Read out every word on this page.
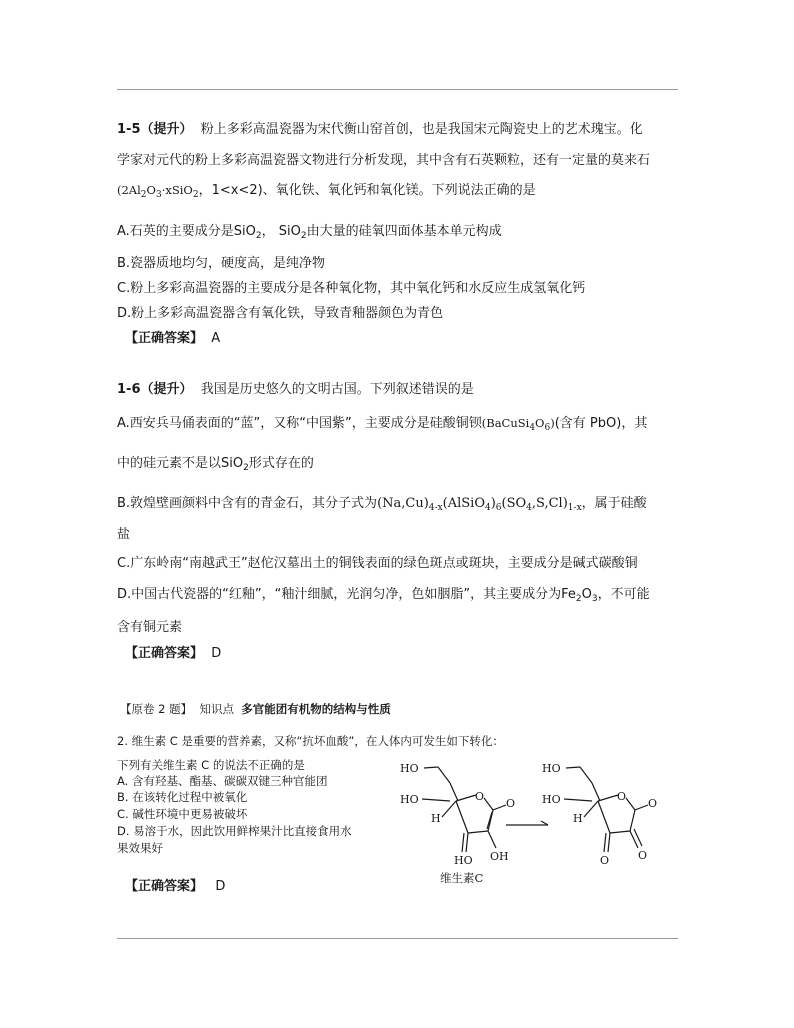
1-5（提升） 粉上多彩高温瓷器为宋代衡山窑首创，也是我国宋元陶瓷史上的艺术瑰宝。化
学家对元代的粉上多彩高温瓷器文物进行分析发现，其中含有石英颗粒，还有一定量的莫来石
($2Al_2O_3\cdot xSiO_2$，1<x<2)、氧化铁、氧化钙和氧化镁。下列说法正确的是
A.石英的主要成分是SiO$_2$， SiO$_2$由大量的硅氧四面体基本单元构成
B.瓷器质地均匀，硬度高，是纯净物
C.粉上多彩高温瓷器的主要成分是各种氧化物，其中氧化钙和水反应生成氢氧化钙
D.粉上多彩高温瓷器含有氧化铁，导致青釉器颜色为青色
【正确答案】 A
1-6（提升） 我国是历史悠久的文明古国。下列叙述错误的是
A.西安兵马俑表面的“蓝”，又称“中国紫”，主要成分是硅酸铜钡$(BaCuSi_4O_6)$(含有 PbO)，其
中的硅元素不是以SiO$_2$形式存在的
B.敦煌壁画颜料中含有的青金石，其分子式为$(Na,Cu)_{4-x}(AlSiO_4)_6(SO_4,S,Cl)_{1-x}$，属于硅酸
盐
C.广东岭南“南越武王”赵佗汉墓出土的铜钱表面的绿色斑点或斑块，主要成分是碱式碳酸铜
D.中国古代瓷器的“红釉”，“釉汁细腻，光润匀净，色如胭脂”，其主要成分为$Fe_2O_3$，不可能
含有铜元素
【正确答案】 D
【原卷 2 题】 知识点 多官能团有机物的结构与性质
2. 维生素 C 是重要的营养素，又称“抗坏血酸”，在人体内可发生如下转化：
下列有关维生素 C 的说法不正确的是
A. 含有羟基、酯基、碳碳双键三种官能团
B. 在该转化过程中被氧化
C. 碱性环境中更易被破坏
D. 易溶于水，因此饮用鲜榨果汁比直接食用水
果效果好
HO
HO
H
O
O
OH
HO
HO
HO
H
O
O
O
O
维生素C
【正确答案】 D
